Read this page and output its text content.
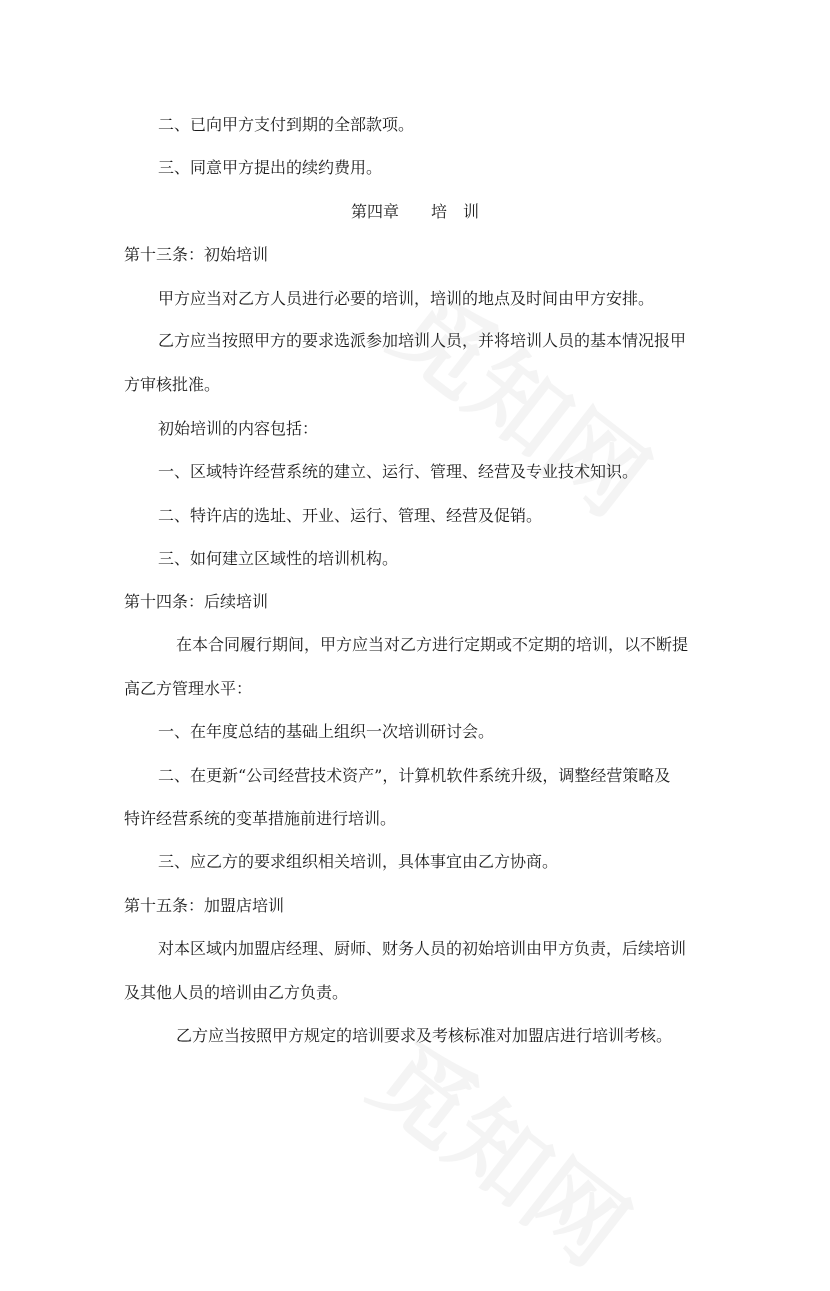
二、已向甲方支付到期的全部款项。
三、同意甲方提出的续约费用。
第四章　　培　训
第十三条：初始培训
甲方应当对乙方人员进行必要的培训，培训的地点及时间由甲方安排。
乙方应当按照甲方的要求选派参加培训人员，并将培训人员的基本情况报甲
方审核批准。
初始培训的内容包括：
一、区域特许经营系统的建立、运行、管理、经营及专业技术知识。
二、特许店的选址、开业、运行、管理、经营及促销。
三、如何建立区域性的培训机构。
第十四条：后续培训
在本合同履行期间，甲方应当对乙方进行定期或不定期的培训，以不断提
高乙方管理水平：
一、在年度总结的基础上组织一次培训研讨会。
二、在更新“公司经营技术资产”，计算机软件系统升级，调整经营策略及
特许经营系统的变革措施前进行培训。
三、应乙方的要求组织相关培训，具体事宜由乙方协商。
第十五条：加盟店培训
对本区域内加盟店经理、厨师、财务人员的初始培训由甲方负责，后续培训
及其他人员的培训由乙方负责。
乙方应当按照甲方规定的培训要求及考核标准对加盟店进行培训考核。
